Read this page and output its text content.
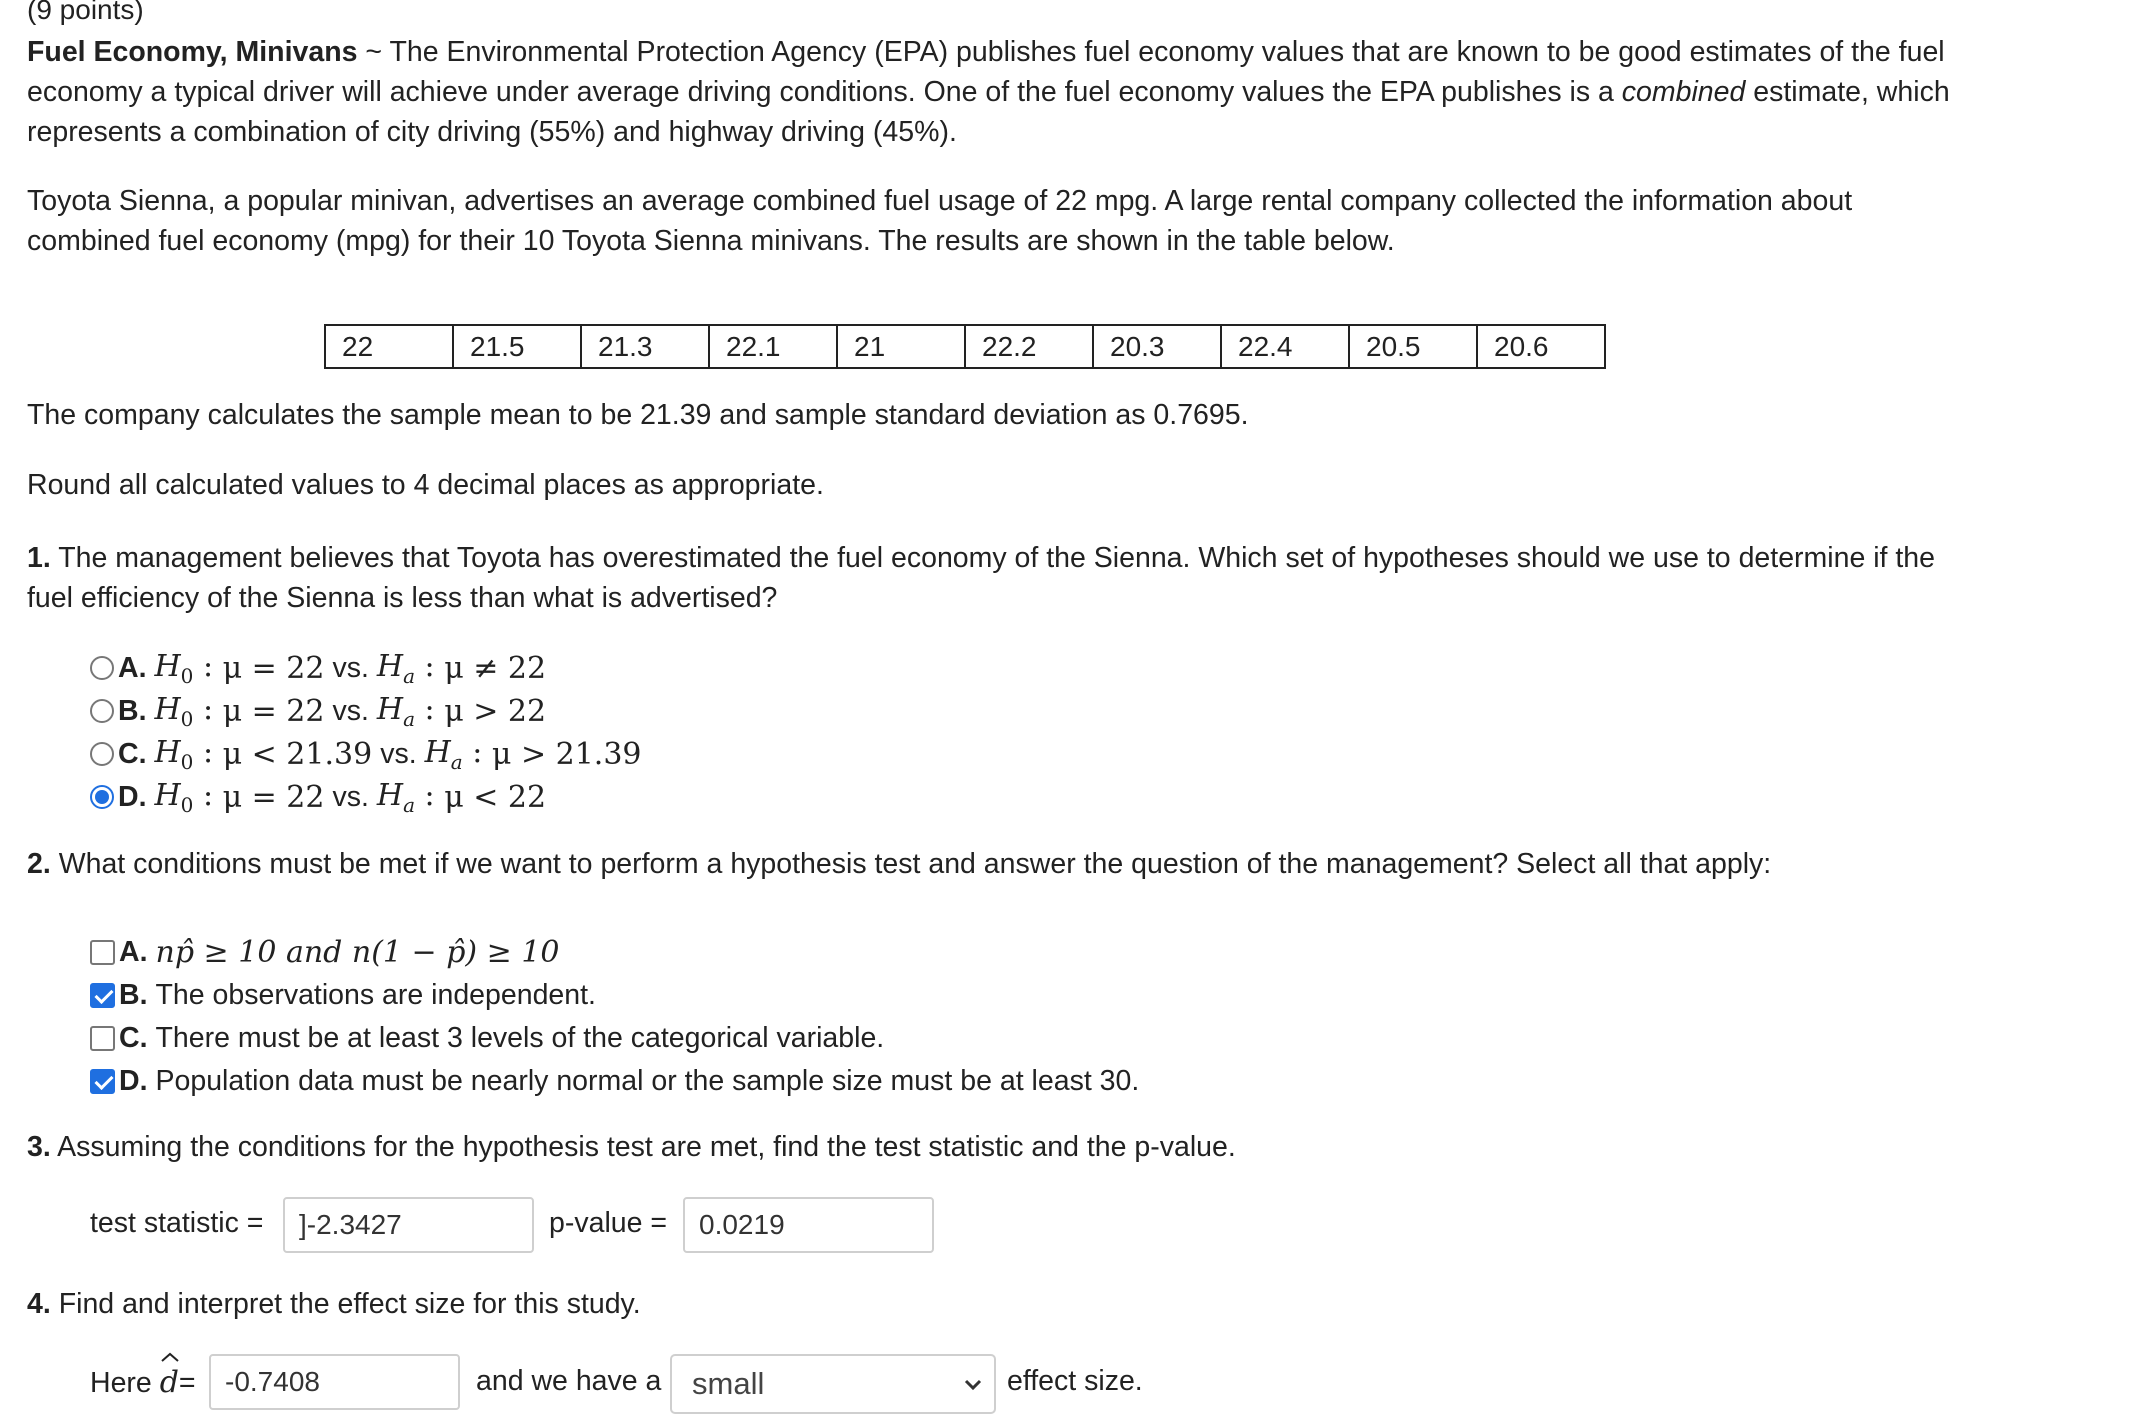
(9 points)
Fuel Economy, Minivans ~ The Environmental Protection Agency (EPA) publishes fuel economy values that are known to be good estimates of the fuel economy a typical driver will achieve under average driving conditions. One of the fuel economy values the EPA publishes is a combined estimate, which represents a combination of city driving (55%) and highway driving (45%).
Toyota Sienna, a popular minivan, advertises an average combined fuel usage of 22 mpg. A large rental company collected the information about combined fuel economy (mpg) for their 10 Toyota Sienna minivans. The results are shown in the table below.
22	21.5	21.3	22.1	21	22.2	20.3	22.4	20.5	20.6
The company calculates the sample mean to be 21.39 and sample standard deviation as 0.7695.
Round all calculated values to 4 decimal places as appropriate.
1. The management believes that Toyota has overestimated the fuel economy of the Sienna. Which set of hypotheses should we use to determine if the fuel efficiency of the Sienna is less than what is advertised?
A. $H_0$ : μ = 22 vs. $H_a$ : μ ≠ 22
B. $H_0$ : μ = 22 vs. $H_a$ : μ > 22
C. $H_0$ : μ < 21.39 vs. $H_a$ : μ > 21.39
D. $H_0$ : μ = 22 vs. $H_a$ : μ < 22
2. What conditions must be met if we want to perform a hypothesis test and answer the question of the management? Select all that apply:
A. np̂ ≥ 10 and n(1 − p̂) ≥ 10
B. The observations are independent.
C. There must be at least 3 levels of the categorical variable.
D. Population data must be nearly normal or the sample size must be at least 30.
3. Assuming the conditions for the hypothesis test are met, find the test statistic and the p-value.
test statistic =	]-2.3427	p-value =	0.0219
4. Find and interpret the effect size for this study.
Here d
=	-0.7408	and we have a small	effect size.
